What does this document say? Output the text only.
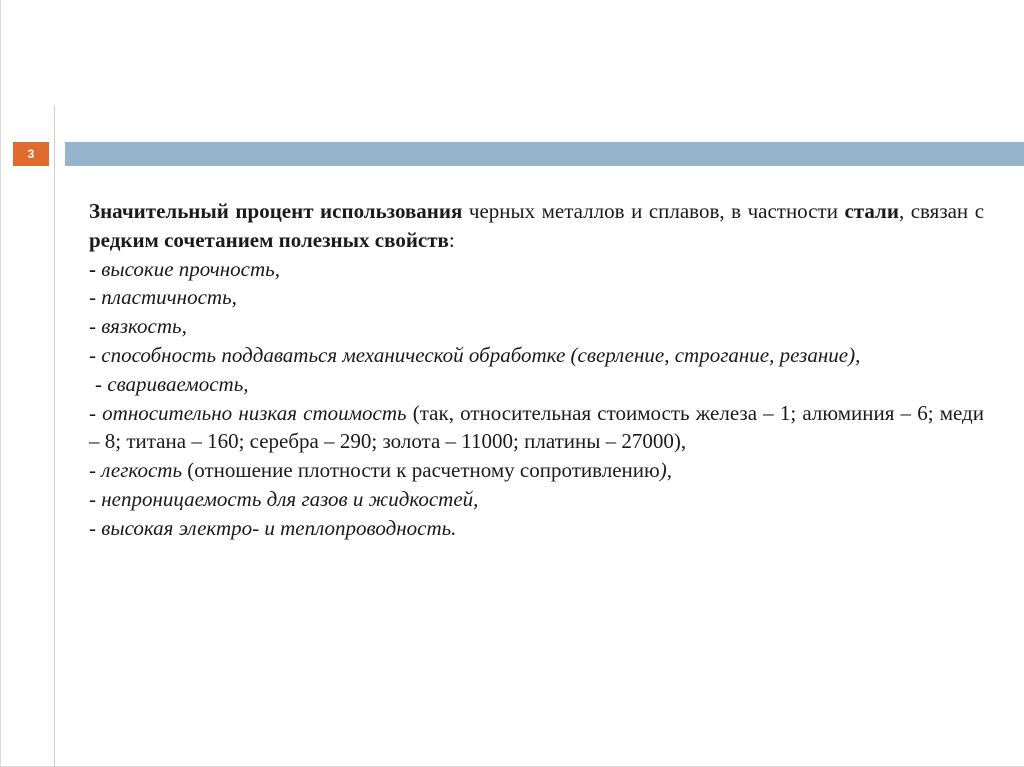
3

Значительный процент использования черных металлов и сплавов, в частности стали, связан с редким сочетанием полезных свойств:

- высокие прочность,

- пластичность,

- вязкость,

- способность поддаваться механической обработке (сверление, строгание, резание),

- свариваемость,

- относительно низкая стоимость (так, относительная стоимость железа – 1; алюминия – 6; меди – 8; титана – 160; серебра – 290; золота – 11000; платины – 27000),

- легкость (отношение плотности к расчетному сопротивлению),

- непроницаемость для газов и жидкостей,

- высокая электро- и теплопроводность.
